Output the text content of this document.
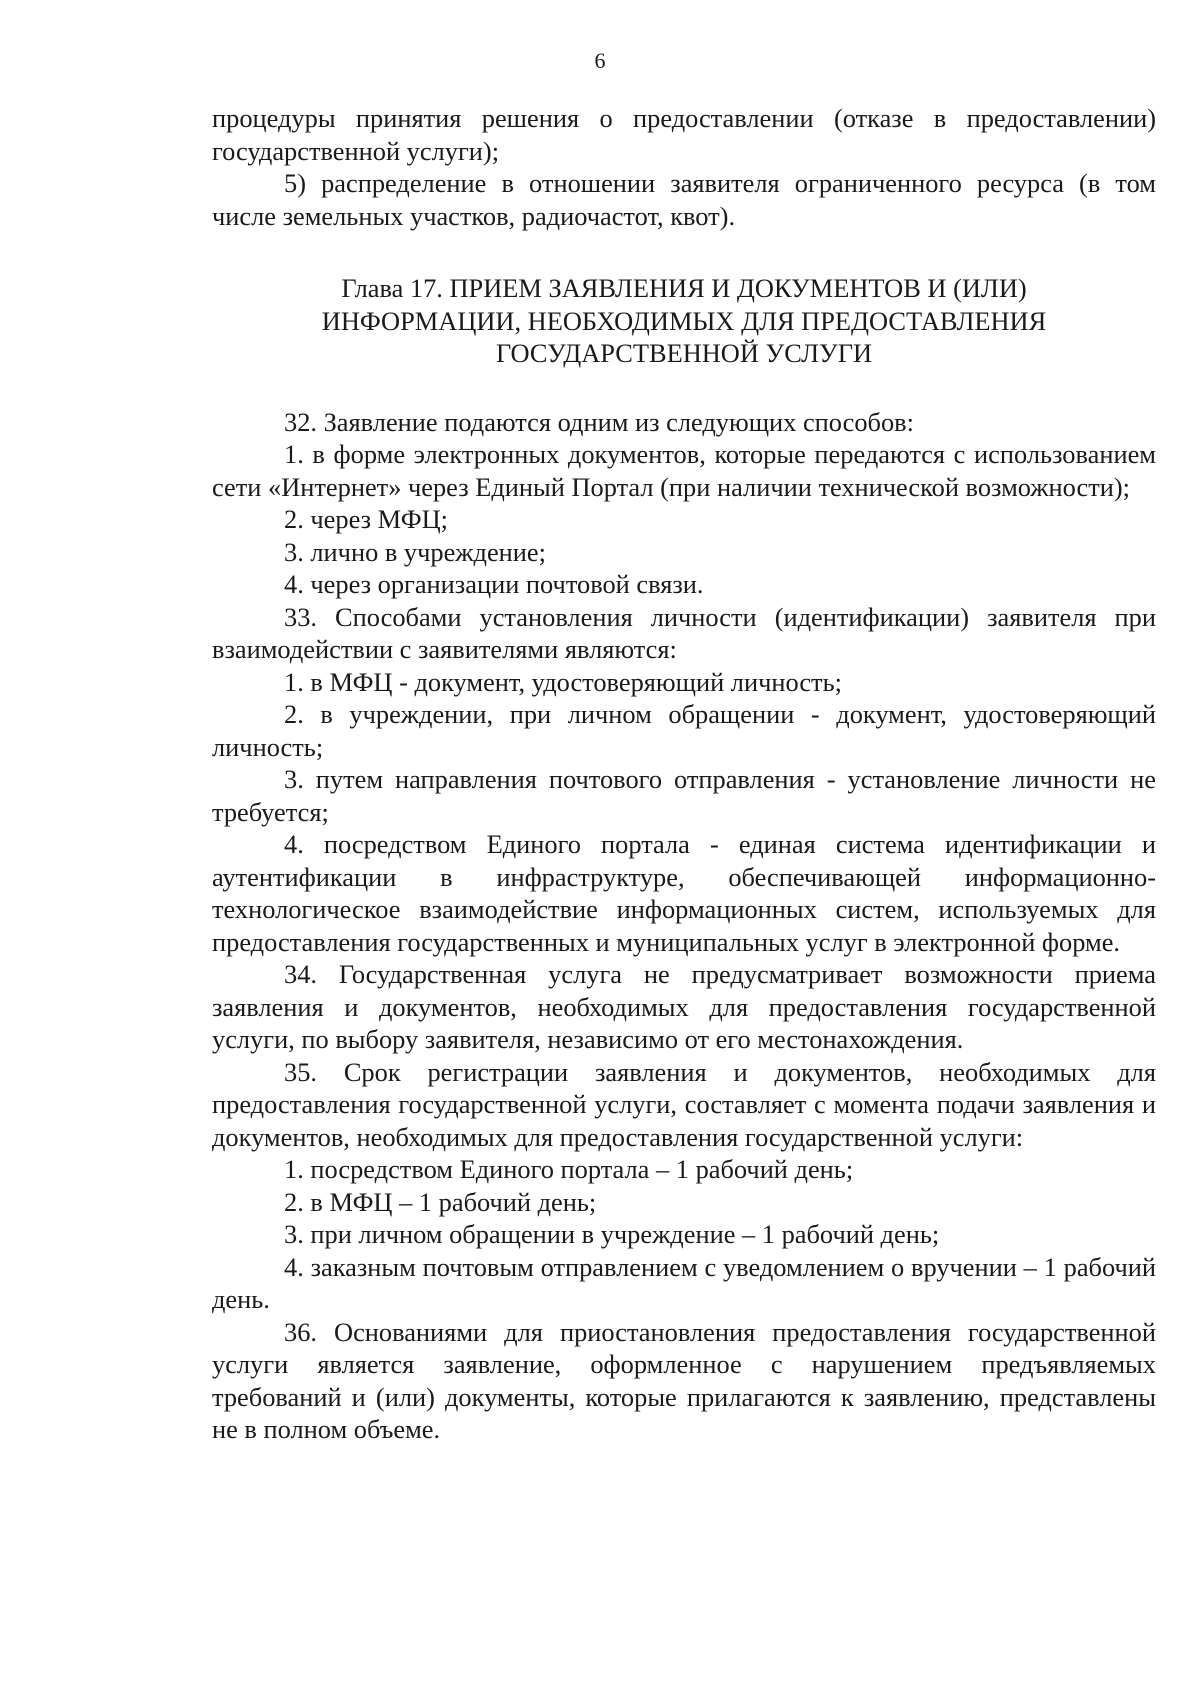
6

процедуры принятия решения о предоставлении (отказе в предоставлении) государственной услуги);

5) распределение в отношении заявителя ограниченного ресурса (в том числе земельных участков, радиочастот, квот).

Глава 17. ПРИЕМ ЗАЯВЛЕНИЯ И ДОКУМЕНТОВ И (ИЛИ)
ИНФОРМАЦИИ, НЕОБХОДИМЫХ ДЛЯ ПРЕДОСТАВЛЕНИЯ
ГОСУДАРСТВЕННОЙ УСЛУГИ

32. Заявление подаются одним из следующих способов:

1. в форме электронных документов, которые передаются с использованием сети «Интернет» через Единый Портал (при наличии технической возможности);

2. через МФЦ;

3. лично в учреждение;

4. через организации почтовой связи.

33. Способами установления личности (идентификации) заявителя при взаимодействии с заявителями являются:

1. в МФЦ - документ, удостоверяющий личность;

2. в учреждении, при личном обращении - документ, удостоверяющий личность;

3. путем направления почтового отправления - установление личности не требуется;

4. посредством Единого портала - единая система идентификации и аутентификации в инфраструктуре, обеспечивающей информационно-технологическое взаимодействие информационных систем, используемых для предоставления государственных и муниципальных услуг в электронной форме.

34. Государственная услуга не предусматривает возможности приема заявления и документов, необходимых для предоставления государственной услуги, по выбору заявителя, независимо от его местонахождения.

35. Срок регистрации заявления и документов, необходимых для предоставления государственной услуги, составляет с момента подачи заявления и документов, необходимых для предоставления государственной услуги:

1. посредством Единого портала – 1 рабочий день;

2. в МФЦ – 1 рабочий день;

3. при личном обращении в учреждение – 1 рабочий день;

4. заказным почтовым отправлением с уведомлением о вручении – 1 рабочий день.

36. Основаниями для приостановления предоставления государственной услуги является заявление, оформленное с нарушением предъявляемых требований и (или) документы, которые прилагаются к заявлению, представлены не в полном объеме.
